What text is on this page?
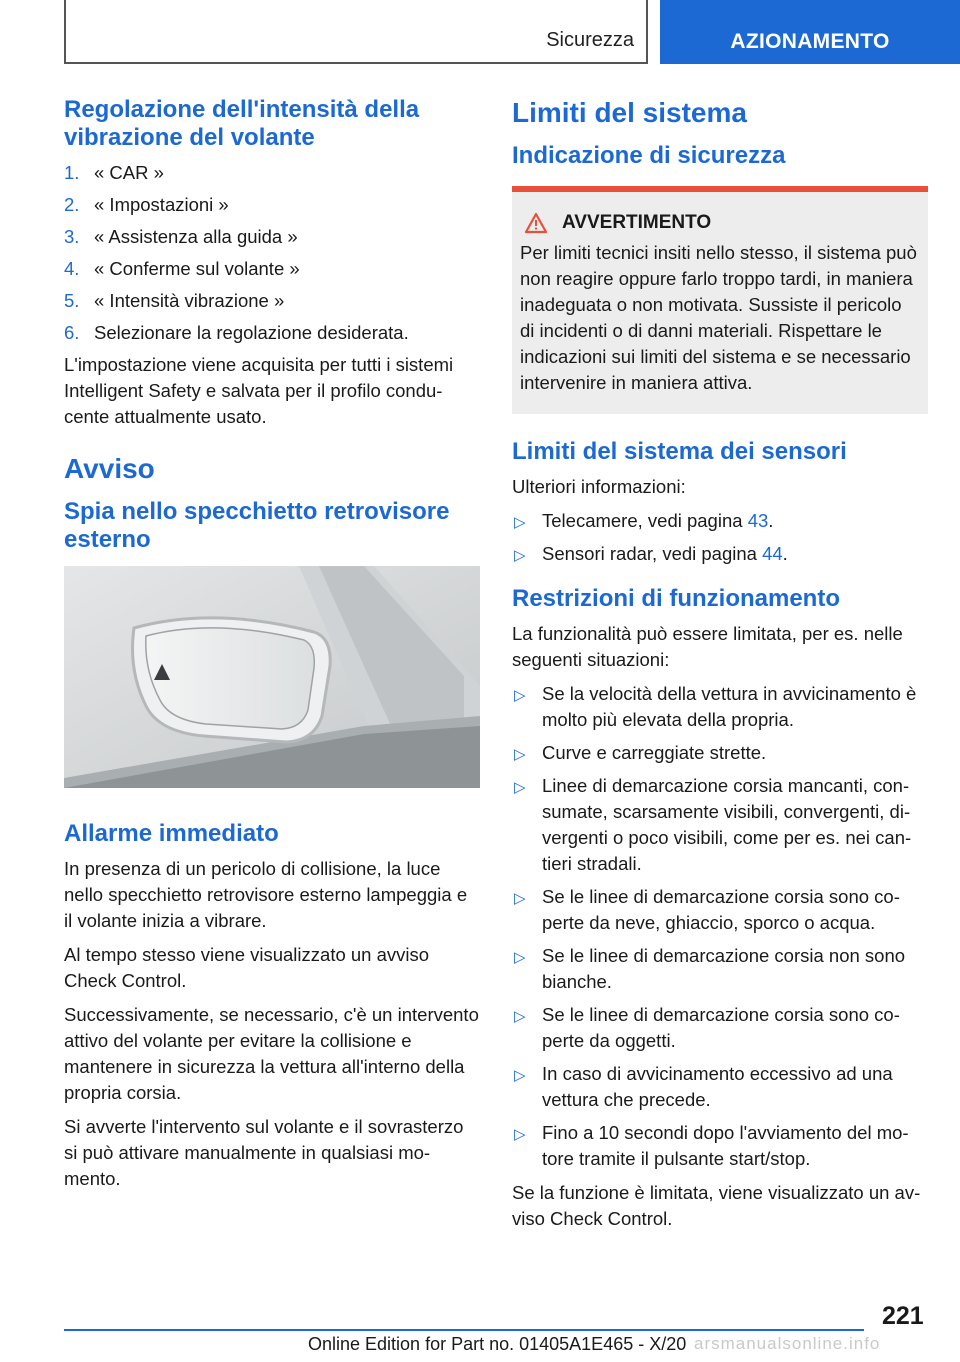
Sicurezza	AZIONAMENTO
Regolazione dell'intensità della vibrazione del volante
1. « CAR »
2. « Impostazioni »
3. « Assistenza alla guida »
4. « Conferme sul volante »
5. « Intensità vibrazione »
6. Selezionare la regolazione desiderata.

L'impostazione viene acquisita per tutti i sistemi Intelligent Safety e salvata per il profilo conducente attualmente usato.

Avviso
Spia nello specchietto retrovisore esterno
Allarme immediato

In presenza di un pericolo di collisione, la luce nello specchietto retrovisore esterno lampeggia e il volante inizia a vibrare.

Al tempo stesso viene visualizzato un avviso Check Control.

Successivamente, se necessario, c'è un intervento attivo del volante per evitare la collisione e mantenere in sicurezza la vettura all'interno della propria corsia.

Si avverte l'intervento sul volante e il sovrasterzo si può attivare manualmente in qualsiasi momento.

Limiti del sistema
Indicazione di sicurezza
AVVERTIMENTO

Per limiti tecnici insiti nello stesso, il sistema può non reagire oppure farlo troppo tardi, in maniera inadeguata o non motivata. Sussiste il pericolo di incidenti o di danni materiali. Rispettare le indicazioni sui limiti del sistema e se necessario intervenire in maniera attiva.

Limiti del sistema dei sensori

Ulteriori informazioni:

▷ Telecamere, vedi pagina 43.
▷ Sensori radar, vedi pagina 44.
Restrizioni di funzionamento

La funzionalità può essere limitata, per es. nelle seguenti situazioni:

▷ Se la velocità della vettura in avvicinamento è molto più elevata della propria.
▷ Curve e carreggiate strette.
▷ Linee di demarcazione corsia mancanti, consumate, scarsamente visibili, convergenti, divergenti o poco visibili, come per es. nei cantieri stradali.
▷ Se le linee di demarcazione corsia sono coperte da neve, ghiaccio, sporco o acqua.
▷ Se le linee di demarcazione corsia non sono bianche.
▷ Se le linee di demarcazione corsia sono coperte da oggetti.
▷ In caso di avvicinamento eccessivo ad una vettura che precede.
▷ Fino a 10 secondi dopo l'avviamento del motore tramite il pulsante start/stop.

Se la funzione è limitata, viene visualizzato un avviso Check Control.

221
Online Edition for Part no. 01405A1E465 - X/20 arsmanualsonline.info
